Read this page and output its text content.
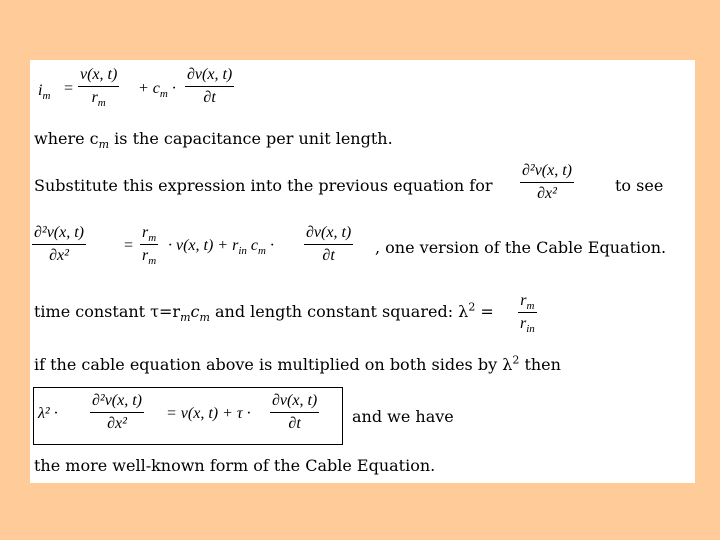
$i_m$ =
v(x, t)
$r_m$
+ $c_m$ ·
∂v(x, t)
∂t
where $c_m$ is the capacitance per unit length.
Substitute this expression into the previous equation for
∂²v(x, t)
∂x²	to see
∂²v(x, t)
∂x²
=
$r_m$
$r_m$
· v(x, $t) + r_{in}$ $c_m$ ·
∂v(x, t)
∂t	, one version of the Cable Equation.
time constant $\tau=r_mc_m$ and length constant squared: $\lambda^2$ =
$r_m$
$r_{in}$
if the cable equation above is multiplied on both sides by $\lambda^2$ then
λ² ·
∂²v(x, t)
∂x²
= v(x, t) + τ ·
∂v(x, t)
∂t	and we have
the more well-known form of the Cable Equation.
